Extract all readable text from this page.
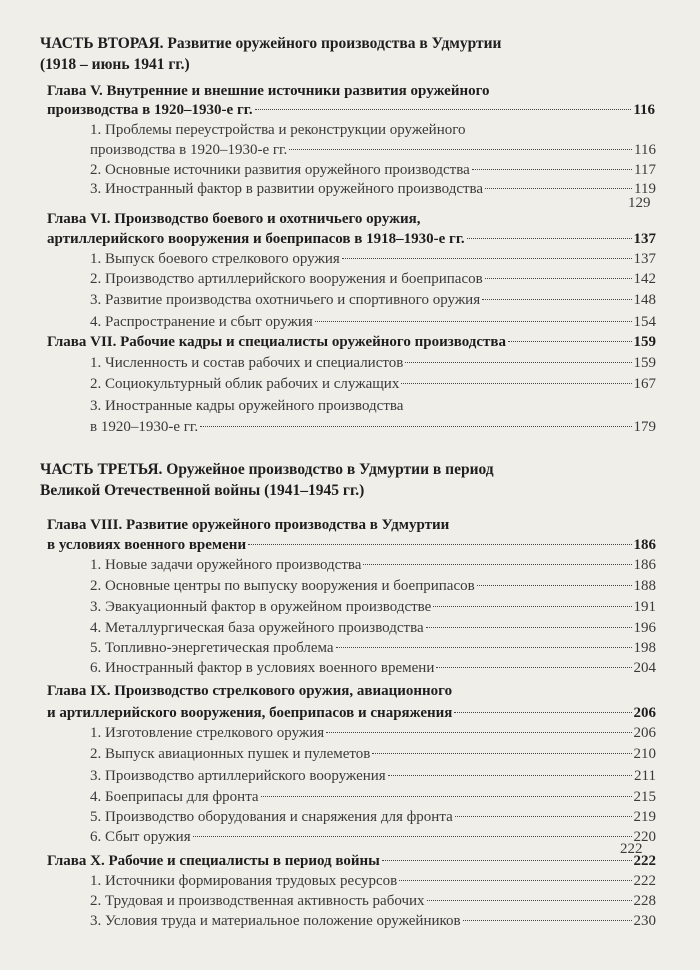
ЧАСТЬ ВТОРАЯ. Развитие оружейного производства в Удмуртии
(1918 – июнь 1941 гг.)
Глава V. Внутренние и внешние источники развития оружейного
производства в 1920–1930-е гг.	116
1. Проблемы переустройства и реконструкции оружейного
производства в 1920–1930-е гг.	116
2. Основные источники развития оружейного производства	117
3. Иностранный фактор в развитии оружейного производства	119
129
Глава VI. Производство боевого и охотничьего оружия,
артиллерийского вооружения и боеприпасов в 1918–1930-е гг.	137
1. Выпуск боевого стрелкового оружия	137
2. Производство артиллерийского вооружения и боеприпасов	142
3. Развитие производства охотничьего и спортивного оружия	148
4. Распространение и сбыт оружия	154
Глава VII. Рабочие кадры и специалисты оружейного производства	159
1. Численность и состав рабочих и специалистов	159
2. Социокультурный облик рабочих и служащих	167
3. Иностранные кадры оружейного производства
в 1920–1930-е гг.	179
ЧАСТЬ ТРЕТЬЯ. Оружейное производство в Удмуртии в период
Великой Отечественной войны (1941–1945 гг.)
Глава VIII. Развитие оружейного производства в Удмуртии
в условиях военного времени	186
1. Новые задачи оружейного производства	186
2. Основные центры по выпуску вооружения и боеприпасов	188
3. Эвакуационный фактор в оружейном производстве	191
4. Металлургическая база оружейного производства	196
5. Топливно-энергетическая проблема	198
6. Иностранный фактор в условиях военного времени	204
Глава IX. Производство стрелкового оружия, авиационного
и артиллерийского вооружения, боеприпасов и снаряжения	206
1. Изготовление стрелкового оружия	206
2. Выпуск авиационных пушек и пулеметов	210
3. Производство артиллерийского вооружения	211
4. Боеприпасы для фронта	215
5. Производство оборудования и снаряжения для фронта	219
6. Сбыт оружия	220
222
Глава X. Рабочие и специалисты в период войны	222
1. Источники формирования трудовых ресурсов	222
2. Трудовая и производственная активность рабочих	228
3. Условия труда и материальное положение оружейников	230
